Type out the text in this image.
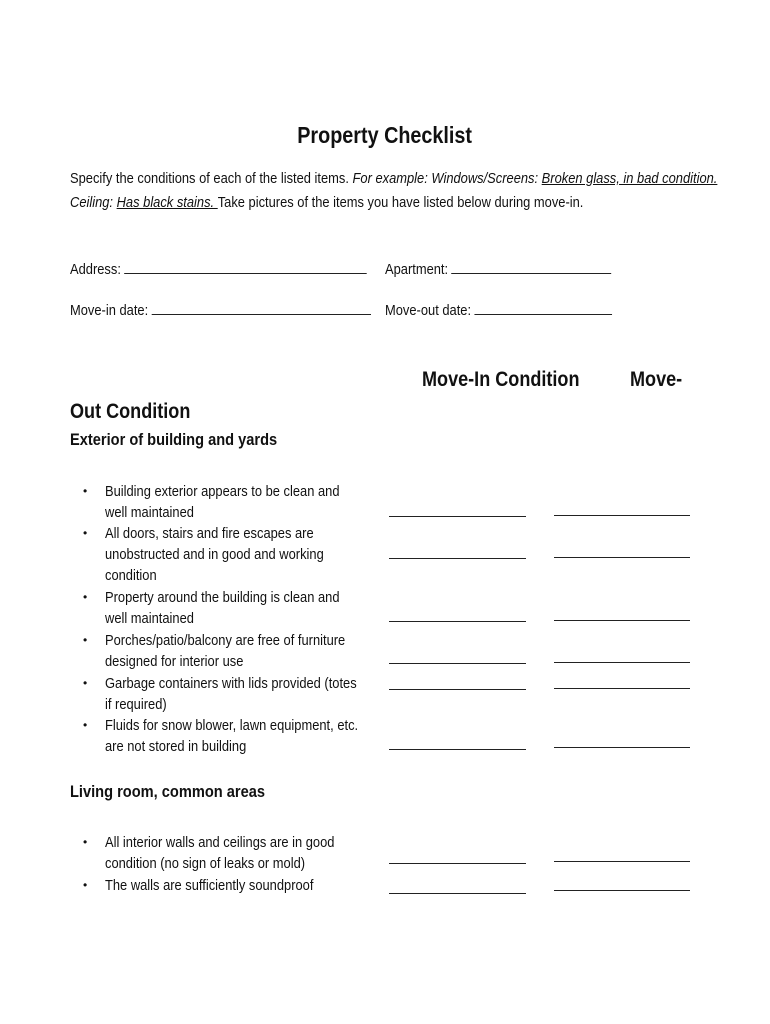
Property Checklist
Specify the conditions of each of the listed items. For example: Windows/Screens: Broken glass, in bad condition.
Ceiling: Has black stains. Take pictures of the items you have listed below during move-in.
Address:	Apartment:
Move-in date:	Move-out date:
Move-In Condition	Move-
Out Condition
Exterior of building and yards
• Building exterior appears to be clean and
well maintained
• All doors, stairs and fire escapes are
unobstructed and in good and working
condition
• Property around the building is clean and
well maintained
• Porches/patio/balcony are free of furniture
designed for interior use
• Garbage containers with lids provided (totes
if required)
• Fluids for snow blower, lawn equipment, etc.
are not stored in building
Living room, common areas
• All interior walls and ceilings are in good
condition (no sign of leaks or mold)
• The walls are sufficiently soundproof
